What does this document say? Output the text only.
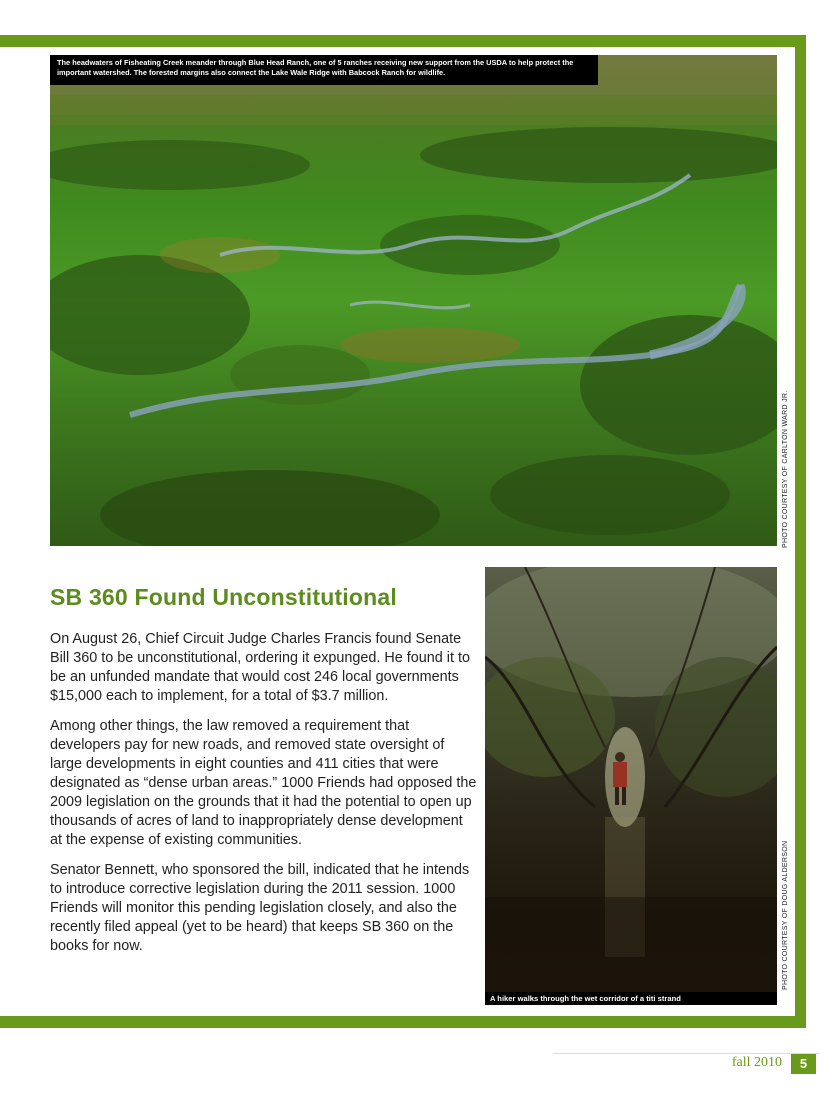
The headwaters of Fisheating Creek meander through Blue Head Ranch, one of 5 ranches receiving new support from the USDA to help protect the important watershed. The forested margins also connect the Lake Wale Ridge with Babcock Ranch for wildlife.
PHOTO COURTESY OF CARLTON WARD JR.
SB 360 Found Unconstitutional

On August 26, Chief Circuit Judge Charles Francis found Senate Bill 360 to be unconstitutional, ordering it expunged. He found it to be an unfunded mandate that would cost 246 local governments $15,000 each to implement, for a total of $3.7 million.

Among other things, the law removed a requirement that developers pay for new roads, and removed state oversight of large developments in eight counties and 411 cities that were designated as “dense urban areas.” 1000 Friends had opposed the 2009 legislation on the grounds that it had the potential to open up thousands of acres of land to inappropriately dense development at the expense of existing communities.

Senator Bennett, who sponsored the bill, indicated that he intends to introduce corrective legislation during the 2011 session. 1000 Friends will monitor this pending legislation closely, and also the recently filed appeal (yet to be heard) that keeps SB 360 on the books for now.

A hiker walks through the wet corridor of a titi strand
PHOTO COURTESY OF DOUG ALDERSON
fall 2010	5
